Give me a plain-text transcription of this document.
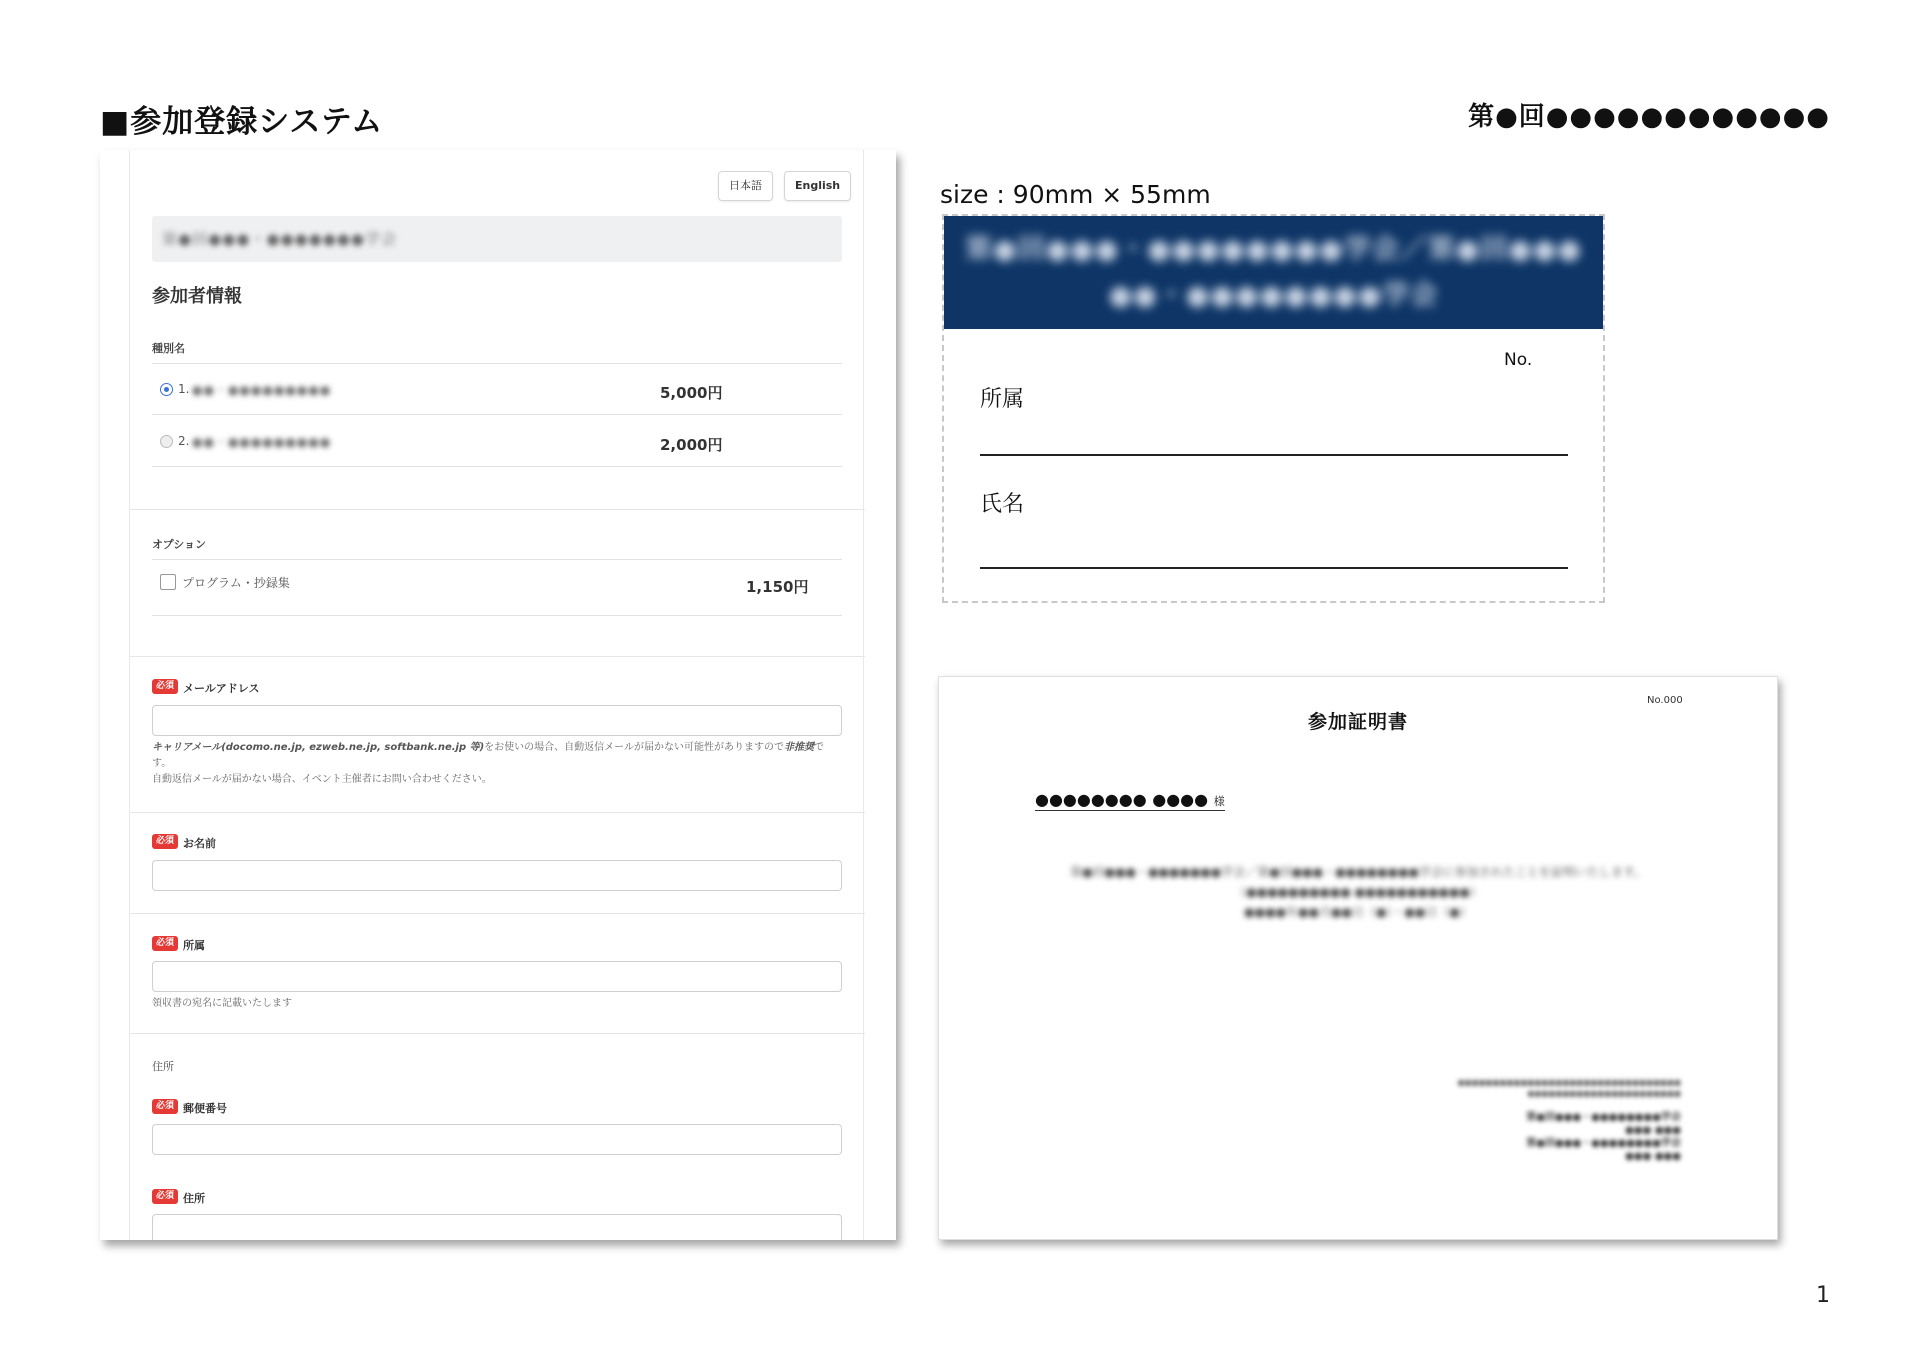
■参加登録システム	第●回●●●●●●●●●●●●
日本語	English
第●回●●●・●●●●●●●学会
参加者情報
種別名
1. ●●・●●●●●●●●●	5,000円
2. ●●・●●●●●●●●●	2,000円
オプション
プログラム・抄録集	1,150円
必須 メールアドレス
キャリアメール(docomo.ne.jp, ezweb.ne.jp, softbank.ne.jp 等)をお使いの場合、自動返信メールが届かない可能性がありますので非推奨です。
自動返信メールが届かない場合、イベント主催者にお問い合わせください。
必須 お名前
必須 所属
領収書の宛名に記載いたします
住所
必須 郵便番号
必須 住所
size : 90mm × 55mm
第●回●●●・●●●●●●●●学会／第●回●●●
●●・●●●●●●●●学会
No.
所属
氏名
No.000
参加証明書
●●●●●●●● ●●●● 様
第●回●●●・●●●●●●●学会／第●回●●●・●●●●●●●●学会に参加されたことを証明いたします。
（●●●●●●●●●● ●●●●●●●●●●●）
●●●●年●●月●●日（●）・●●日（●）
●●●●●●●●●●●●●●●●●●●●●●●●●●●●●●●●
●●●●●●●●●●●●●●●●●●●●●●
第●回●●●・●●●●●●●●学会
●●● ●●●
第●回●●●・●●●●●●●●学会
●●● ●●●
1
